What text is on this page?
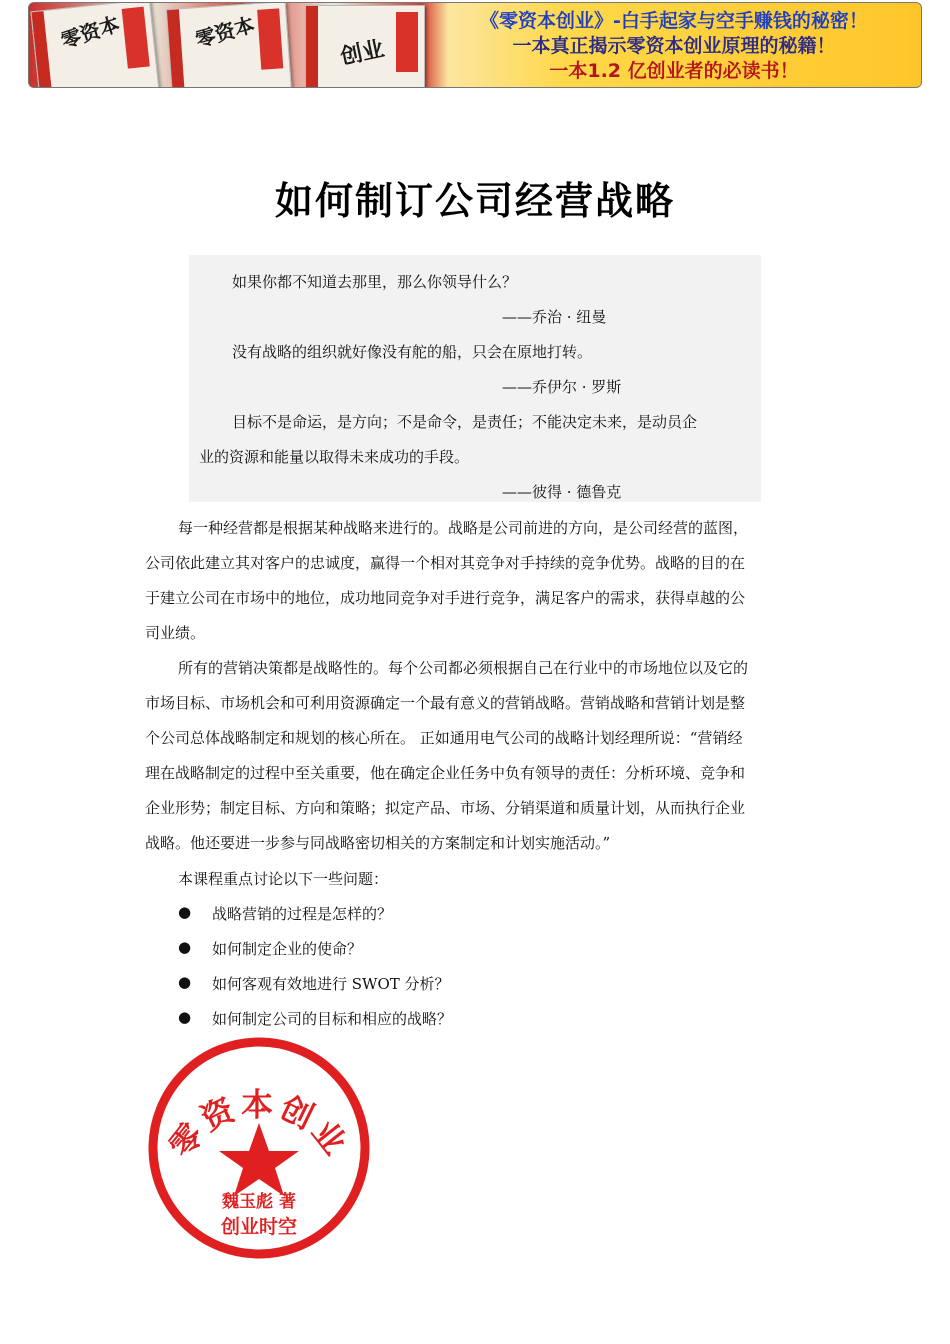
零资本	零资本
创业
《零资本创业》-白手起家与空手赚钱的秘密！
一本真正揭示零资本创业原理的秘籍！
一本1.2 亿创业者的必读书！
如何制订公司经营战略
如果你都不知道去那里，那么你领导什么？
——乔治 · 纽曼
没有战略的组织就好像没有舵的船，只会在原地打转。
——乔伊尔 · 罗斯
目标不是命运，是方向；不是命令，是责任；不能决定未来，是动员企
业的资源和能量以取得未来成功的手段。
——彼得 · 德鲁克
每一种经营都是根据某种战略来进行的。战略是公司前进的方向，是公司经营的蓝图，
公司依此建立其对客户的忠诚度，赢得一个相对其竞争对手持续的竞争优势。战略的目的在
于建立公司在市场中的地位，成功地同竞争对手进行竞争，满足客户的需求，获得卓越的公
司业绩。
所有的营销决策都是战略性的。每个公司都必须根据自己在行业中的市场地位以及它的
市场目标、市场机会和可利用资源确定一个最有意义的营销战略。营销战略和营销计划是整
个公司总体战略制定和规划的核心所在。 正如通用电气公司的战略计划经理所说：“营销经
理在战略制定的过程中至关重要，他在确定企业任务中负有领导的责任：分析环境、竞争和
企业形势；制定目标、方向和策略；拟定产品、市场、分销渠道和质量计划，从而执行企业
战略。他还要进一步参与同战略密切相关的方案制定和计划实施活动。”
本课程重点讨论以下一些问题：
● 战略营销的过程是怎样的？
● 如何制定企业的使命？
● 如何客观有效地进行 SWOT 分析？
● 如何制定公司的目标和相应的战略？
零资本创业
魏玉彪 著
创业时空
